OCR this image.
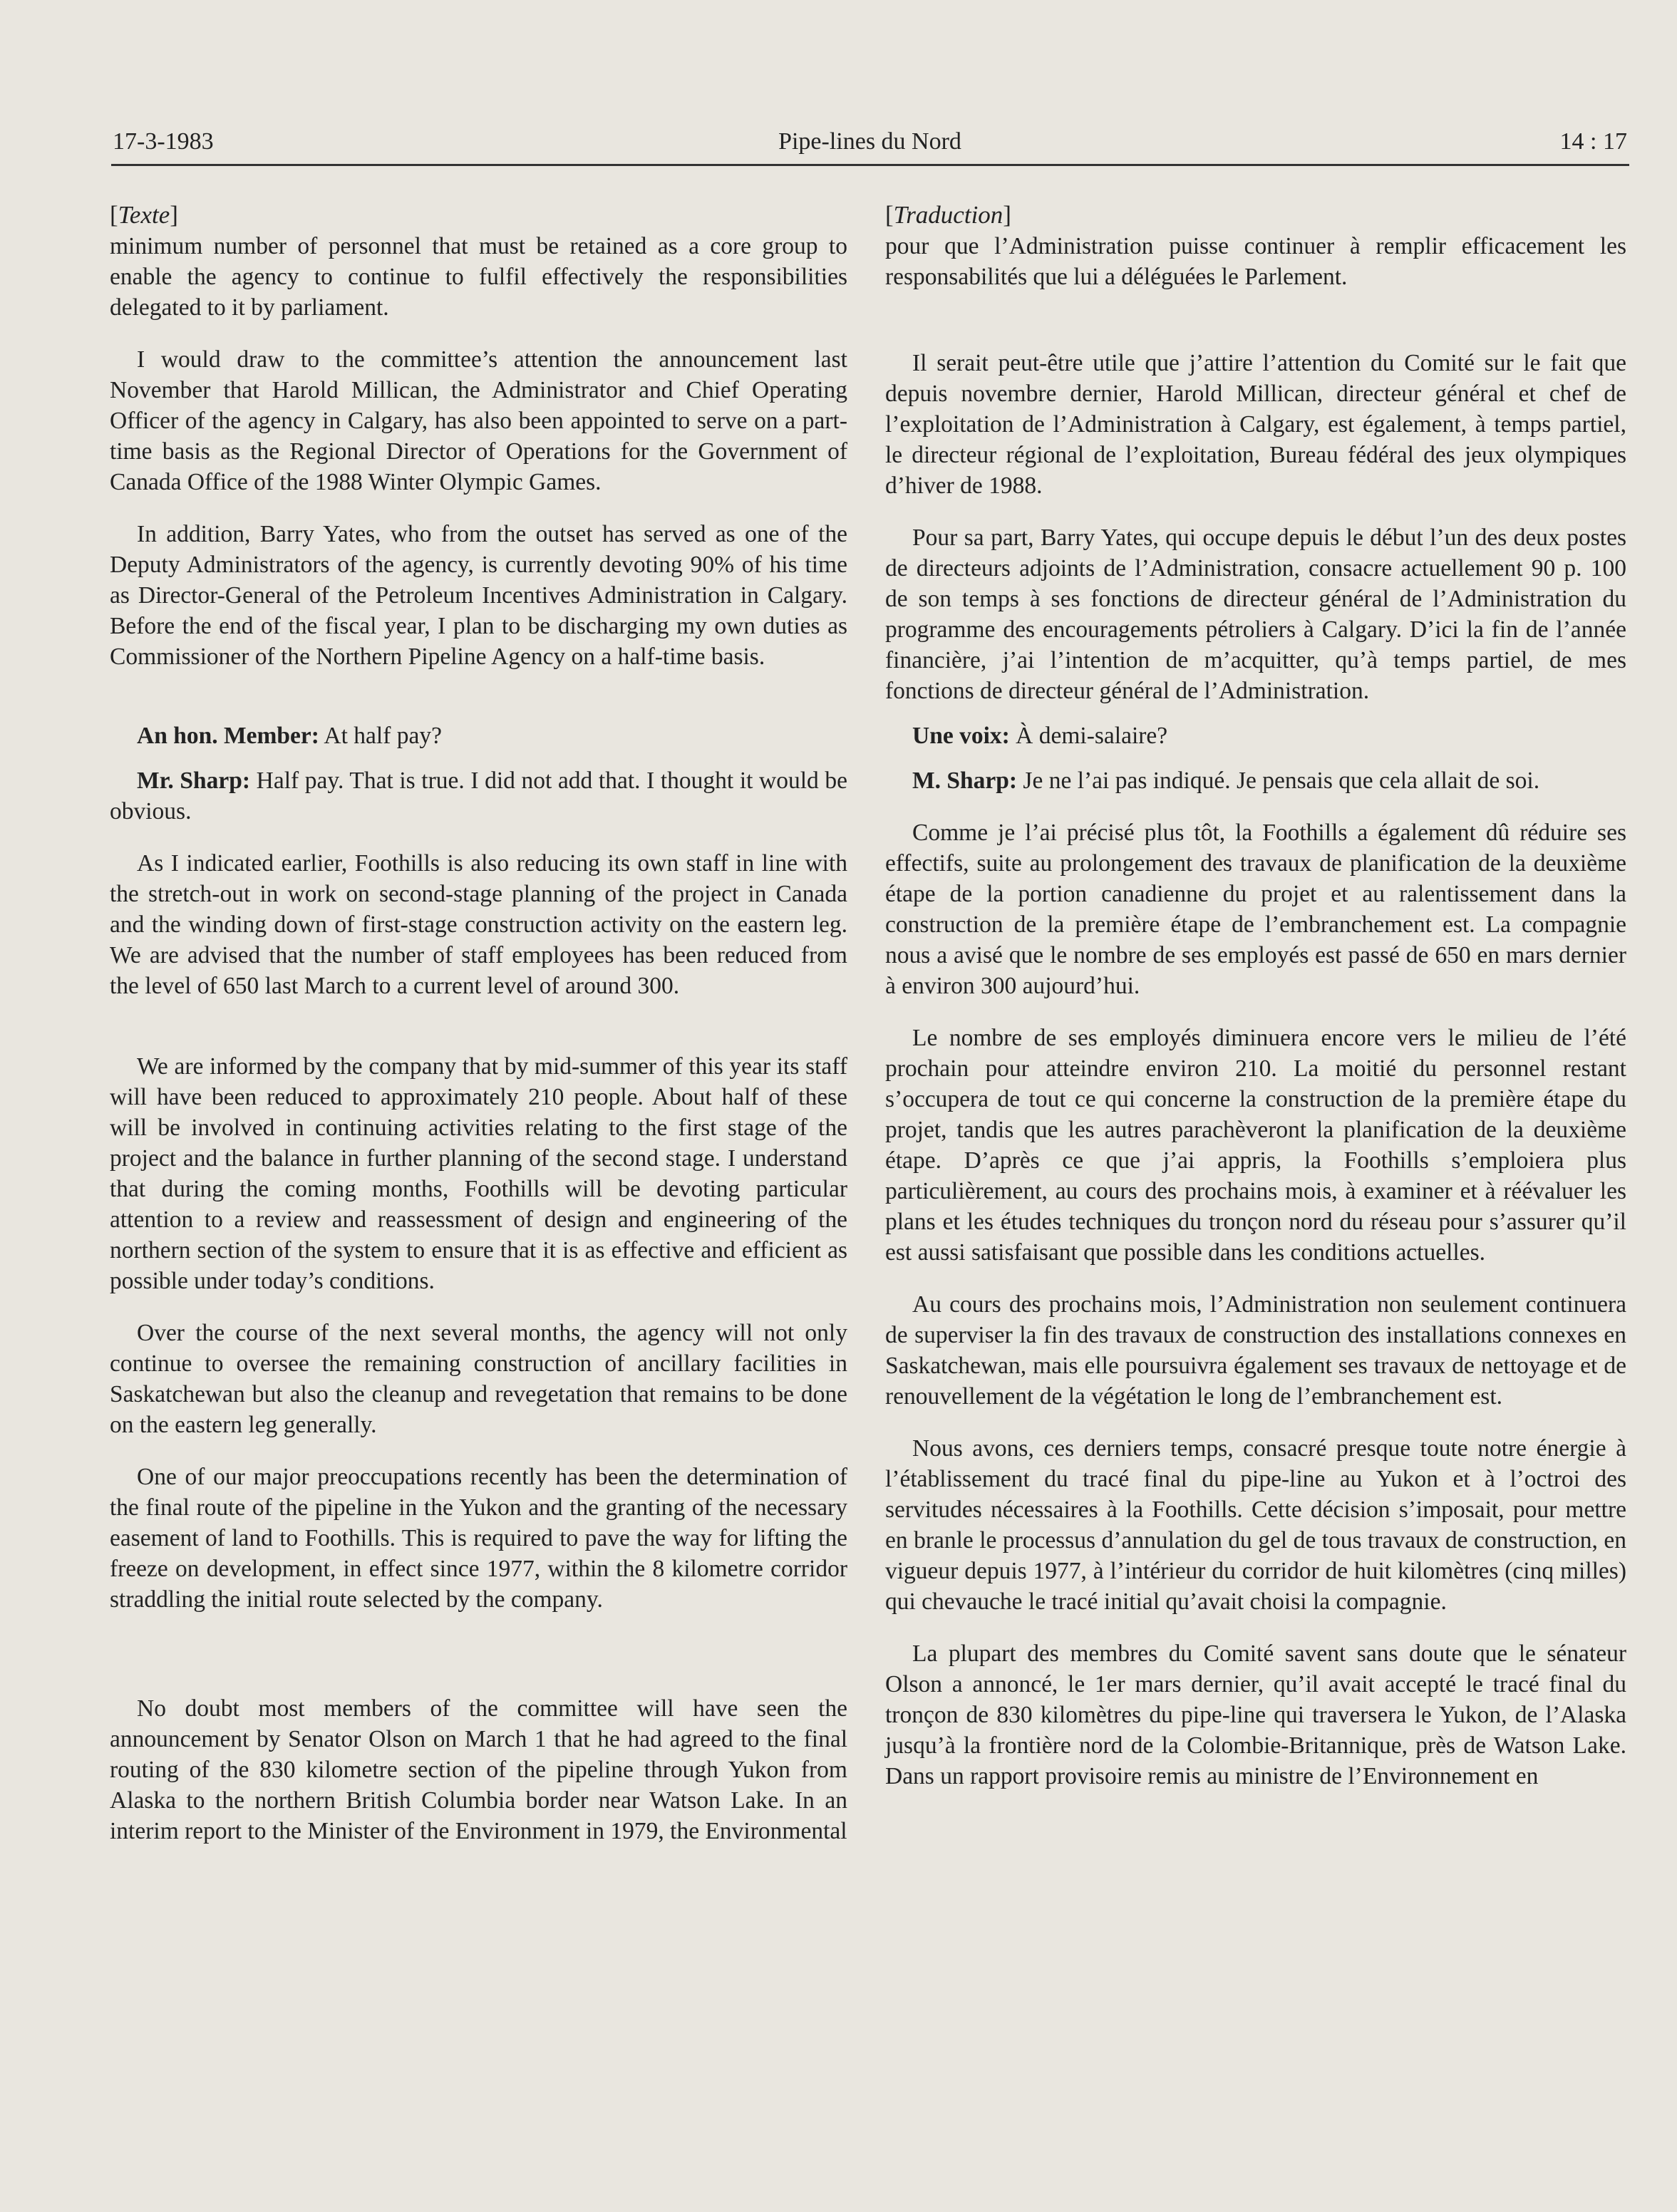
17-3-1983	Pipe-lines du Nord	14 : 17
[Texte]

minimum number of personnel that must be retained as a core group to enable the agency to continue to fulfil effectively the responsibilities delegated to it by parliament.

I would draw to the committee’s attention the announcement last November that Harold Millican, the Administrator and Chief Operating Officer of the agency in Calgary, has also been appointed to serve on a part-time basis as the Regional Director of Operations for the Government of Canada Office of the 1988 Winter Olympic Games.

In addition, Barry Yates, who from the outset has served as one of the Deputy Administrators of the agency, is currently devoting 90% of his time as Director-General of the Petroleum Incentives Administration in Calgary. Before the end of the fiscal year, I plan to be discharging my own duties as Commissioner of the Northern Pipeline Agency on a half-time basis.

An hon. Member: At half pay?

Mr. Sharp: Half pay. That is true. I did not add that. I thought it would be obvious.

As I indicated earlier, Foothills is also reducing its own staff in line with the stretch-out in work on second-stage planning of the project in Canada and the winding down of first-stage construction activity on the eastern leg. We are advised that the number of staff employees has been reduced from the level of 650 last March to a current level of around 300.

We are informed by the company that by mid-summer of this year its staff will have been reduced to approximately 210 people. About half of these will be involved in continuing activities relating to the first stage of the project and the balance in further planning of the second stage. I understand that during the coming months, Foothills will be devoting particular attention to a review and reassessment of design and engineering of the northern section of the system to ensure that it is as effective and efficient as possible under today’s conditions.

Over the course of the next several months, the agency will not only continue to oversee the remaining construction of ancillary facilities in Saskatchewan but also the cleanup and revegetation that remains to be done on the eastern leg generally.

One of our major preoccupations recently has been the determination of the final route of the pipeline in the Yukon and the granting of the necessary easement of land to Foothills. This is required to pave the way for lifting the freeze on development, in effect since 1977, within the 8 kilometre corridor straddling the initial route selected by the company.

No doubt most members of the committee will have seen the announcement by Senator Olson on March 1 that he had agreed to the final routing of the 830 kilometre section of the pipeline through Yukon from Alaska to the northern British Columbia border near Watson Lake. In an interim report to the Minister of the Environment in 1979, the Environmental

[Traduction]

pour que l’Administration puisse continuer à remplir efficacement les responsabilités que lui a déléguées le Parlement.

Il serait peut-être utile que j’attire l’attention du Comité sur le fait que depuis novembre dernier, Harold Millican, directeur général et chef de l’exploitation de l’Administration à Calgary, est également, à temps partiel, le directeur régional de l’exploitation, Bureau fédéral des jeux olympiques d’hiver de 1988.

Pour sa part, Barry Yates, qui occupe depuis le début l’un des deux postes de directeurs adjoints de l’Administration, consacre actuellement 90 p. 100 de son temps à ses fonctions de directeur général de l’Administration du programme des encouragements pétroliers à Calgary. D’ici la fin de l’année financière, j’ai l’intention de m’acquitter, qu’à temps partiel, de mes fonctions de directeur général de l’Administration.

Une voix: À demi-salaire?

M. Sharp: Je ne l’ai pas indiqué. Je pensais que cela allait de soi.

Comme je l’ai précisé plus tôt, la Foothills a également dû réduire ses effectifs, suite au prolongement des travaux de planification de la deuxième étape de la portion canadienne du projet et au ralentissement dans la construction de la première étape de l’embranchement est. La compagnie nous a avisé que le nombre de ses employés est passé de 650 en mars dernier à environ 300 aujourd’hui.

Le nombre de ses employés diminuera encore vers le milieu de l’été prochain pour atteindre environ 210. La moitié du personnel restant s’occupera de tout ce qui concerne la construction de la première étape du projet, tandis que les autres parachèveront la planification de la deuxième étape. D’après ce que j’ai appris, la Foothills s’emploiera plus particulièrement, au cours des prochains mois, à examiner et à réévaluer les plans et les études techniques du tronçon nord du réseau pour s’assurer qu’il est aussi satisfaisant que possible dans les conditions actuelles.

Au cours des prochains mois, l’Administration non seulement continuera de superviser la fin des travaux de construction des installations connexes en Saskatchewan, mais elle poursuivra également ses travaux de nettoyage et de renouvellement de la végétation le long de l’embranchement est.

Nous avons, ces derniers temps, consacré presque toute notre énergie à l’établissement du tracé final du pipe-line au Yukon et à l’octroi des servitudes nécessaires à la Foothills. Cette décision s’imposait, pour mettre en branle le processus d’annulation du gel de tous travaux de construction, en vigueur depuis 1977, à l’intérieur du corridor de huit kilomètres (cinq milles) qui chevauche le tracé initial qu’avait choisi la compagnie.

La plupart des membres du Comité savent sans doute que le sénateur Olson a annoncé, le 1er mars dernier, qu’il avait accepté le tracé final du tronçon de 830 kilomètres du pipe-line qui traversera le Yukon, de l’Alaska jusqu’à la frontière nord de la Colombie-Britannique, près de Watson Lake. Dans un rapport provisoire remis au ministre de l’Environnement en
